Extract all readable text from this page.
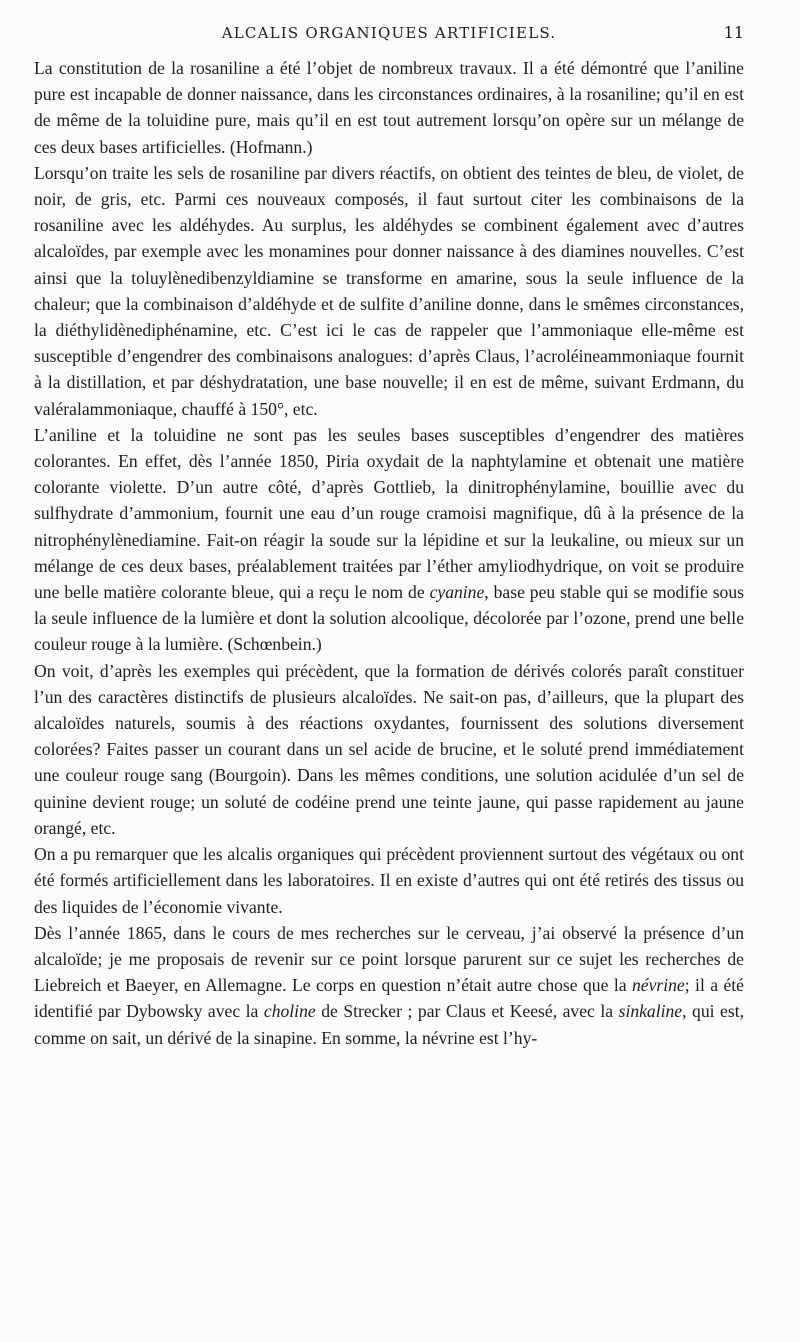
ALCALIS ORGANIQUES ARTIFICIELS.	11

La constitution de la rosaniline a été l’objet de nombreux travaux. Il a été démontré que l’aniline pure est incapable de donner naissance, dans les circonstances ordinaires, à la rosaniline; qu’il en est de même de la toluidine pure, mais qu’il en est tout autrement lorsqu’on opère sur un mélange de ces deux bases artificielles. (Hofmann.)

Lorsqu’on traite les sels de rosaniline par divers réactifs, on obtient des teintes de bleu, de violet, de noir, de gris, etc. Parmi ces nouveaux composés, il faut surtout citer les combinaisons de la rosaniline avec les aldéhydes. Au surplus, les aldéhydes se combinent également avec d’autres alcaloïdes, par exemple avec les monamines pour donner naissance à des diamines nouvelles. C’est ainsi que la toluylènedibenzyldiamine se transforme en amarine, sous la seule influence de la chaleur; que la combinaison d’aldéhyde et de sulfite d’aniline donne, dans le smêmes circonstances, la diéthylidènediphénamine, etc. C’est ici le cas de rappeler que l’ammoniaque elle-même est susceptible d’engendrer des combinaisons analogues: d’après Claus, l’acroléineammoniaque fournit à la distillation, et par déshydratation, une base nouvelle; il en est de même, suivant Erdmann, du valéralammoniaque, chauffé à 150°, etc.

L’aniline et la toluidine ne sont pas les seules bases susceptibles d’engendrer des matières colorantes. En effet, dès l’année 1850, Piria oxydait de la naphtylamine et obtenait une matière colorante violette. D’un autre côté, d’après Gottlieb, la dinitrophénylamine, bouillie avec du sulfhydrate d’ammonium, fournit une eau d’un rouge cramoisi magnifique, dû à la présence de la nitrophénylènediamine. Fait-on réagir la soude sur la lépidine et sur la leukaline, ou mieux sur un mélange de ces deux bases, préalablement traitées par l’éther amyliodhydrique, on voit se produire une belle matière colorante bleue, qui a reçu le nom de cyanine, base peu stable qui se modifie sous la seule influence de la lumière et dont la solution alcoolique, décolorée par l’ozone, prend une belle couleur rouge à la lumière. (Schœnbein.)

On voit, d’après les exemples qui précèdent, que la formation de dérivés colorés paraît constituer l’un des caractères distinctifs de plusieurs alcaloïdes. Ne sait-on pas, d’ailleurs, que la plupart des alcaloïdes naturels, soumis à des réactions oxydantes, fournissent des solutions diversement colorées? Faites passer un courant dans un sel acide de brucine, et le soluté prend immédiatement une couleur rouge sang (Bourgoin). Dans les mêmes conditions, une solution acidulée d’un sel de quinine devient rouge; un soluté de codéine prend une teinte jaune, qui passe rapidement au jaune orangé, etc.

On a pu remarquer que les alcalis organiques qui précèdent proviennent surtout des végétaux ou ont été formés artificiellement dans les laboratoires. Il en existe d’autres qui ont été retirés des tissus ou des liquides de l’économie vivante.

Dès l’année 1865, dans le cours de mes recherches sur le cerveau, j’ai observé la présence d’un alcaloïde; je me proposais de revenir sur ce point lorsque parurent sur ce sujet les recherches de Liebreich et Baeyer, en Allemagne. Le corps en question n’était autre chose que la névrine; il a été identifié par Dybowsky avec la choline de Strecker ; par Claus et Keesé, avec la sinkaline, qui est, comme on sait, un dérivé de la sinapine. En somme, la névrine est l’hy-
